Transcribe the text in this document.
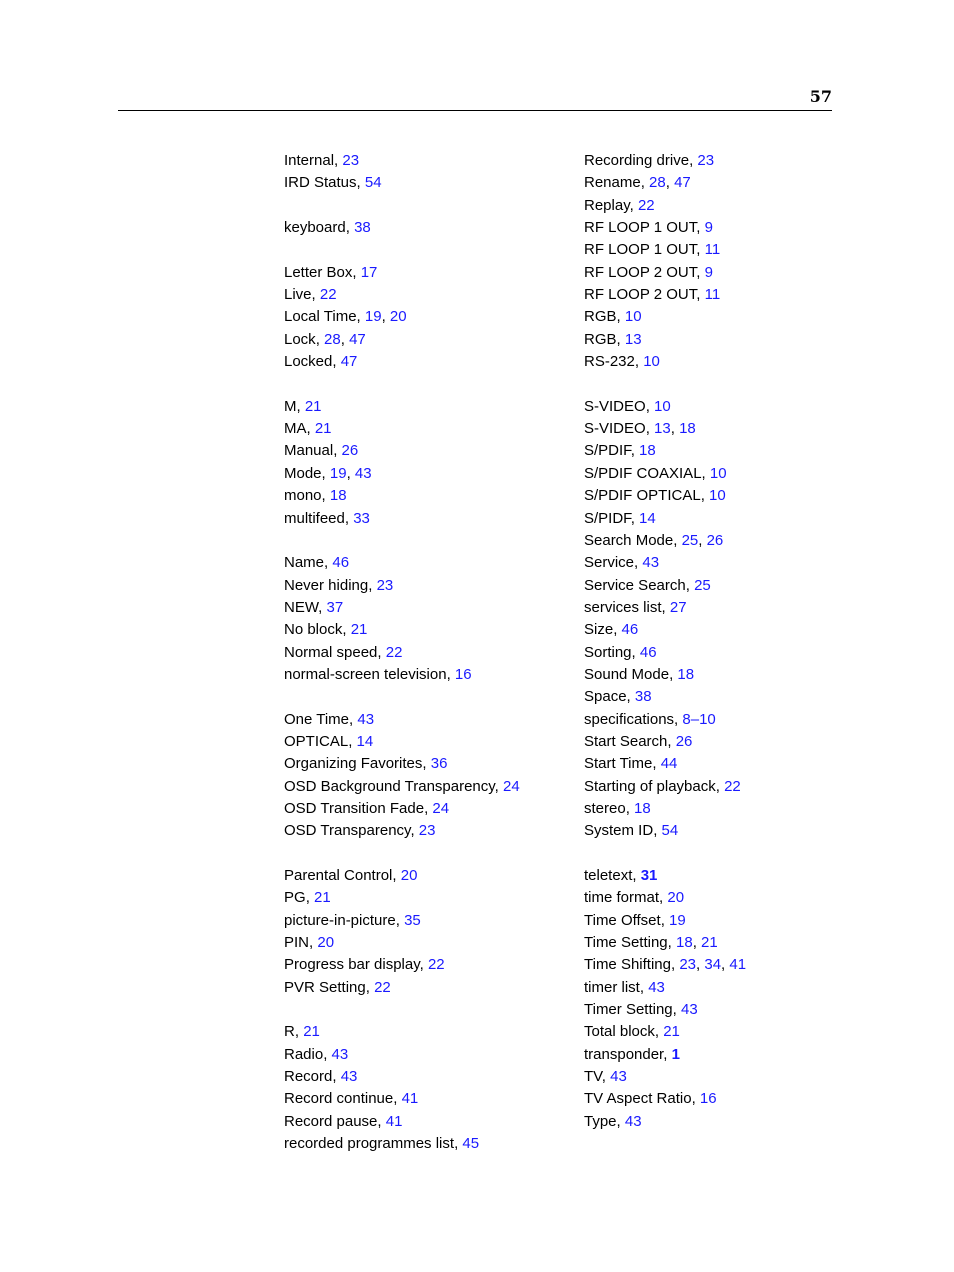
57
Internal, 23
IRD Status, 54
keyboard, 38
Letter Box, 17
Live, 22
Local Time, 19, 20
Lock, 28, 47
Locked, 47
M, 21
MA, 21
Manual, 26
Mode, 19, 43
mono, 18
multifeed, 33
Name, 46
Never hiding, 23
NEW, 37
No block, 21
Normal speed, 22
normal-screen television, 16
One Time, 43
OPTICAL, 14
Organizing Favorites, 36
OSD Background Transparency, 24
OSD Transition Fade, 24
OSD Transparency, 23
Parental Control, 20
PG, 21
picture-in-picture, 35
PIN, 20
Progress bar display, 22
PVR Setting, 22
R, 21
Radio, 43
Record, 43
Record continue, 41
Record pause, 41
recorded programmes list, 45
Recording drive, 23
Rename, 28, 47
Replay, 22
RF LOOP 1 OUT, 9
RF LOOP 1 OUT, 11
RF LOOP 2 OUT, 9
RF LOOP 2 OUT, 11
RGB, 10
RGB, 13
RS-232, 10
S-VIDEO, 10
S-VIDEO, 13, 18
S/PDIF, 18
S/PDIF COAXIAL, 10
S/PDIF OPTICAL, 10
S/PIDF, 14
Search Mode, 25, 26
Service, 43
Service Search, 25
services list, 27
Size, 46
Sorting, 46
Sound Mode, 18
Space, 38
specifications, 8–10
Start Search, 26
Start Time, 44
Starting of playback, 22
stereo, 18
System ID, 54
teletext, 31
time format, 20
Time Offset, 19
Time Setting, 18, 21
Time Shifting, 23, 34, 41
timer list, 43
Timer Setting, 43
Total block, 21
transponder, 1
TV, 43
TV Aspect Ratio, 16
Type, 43
